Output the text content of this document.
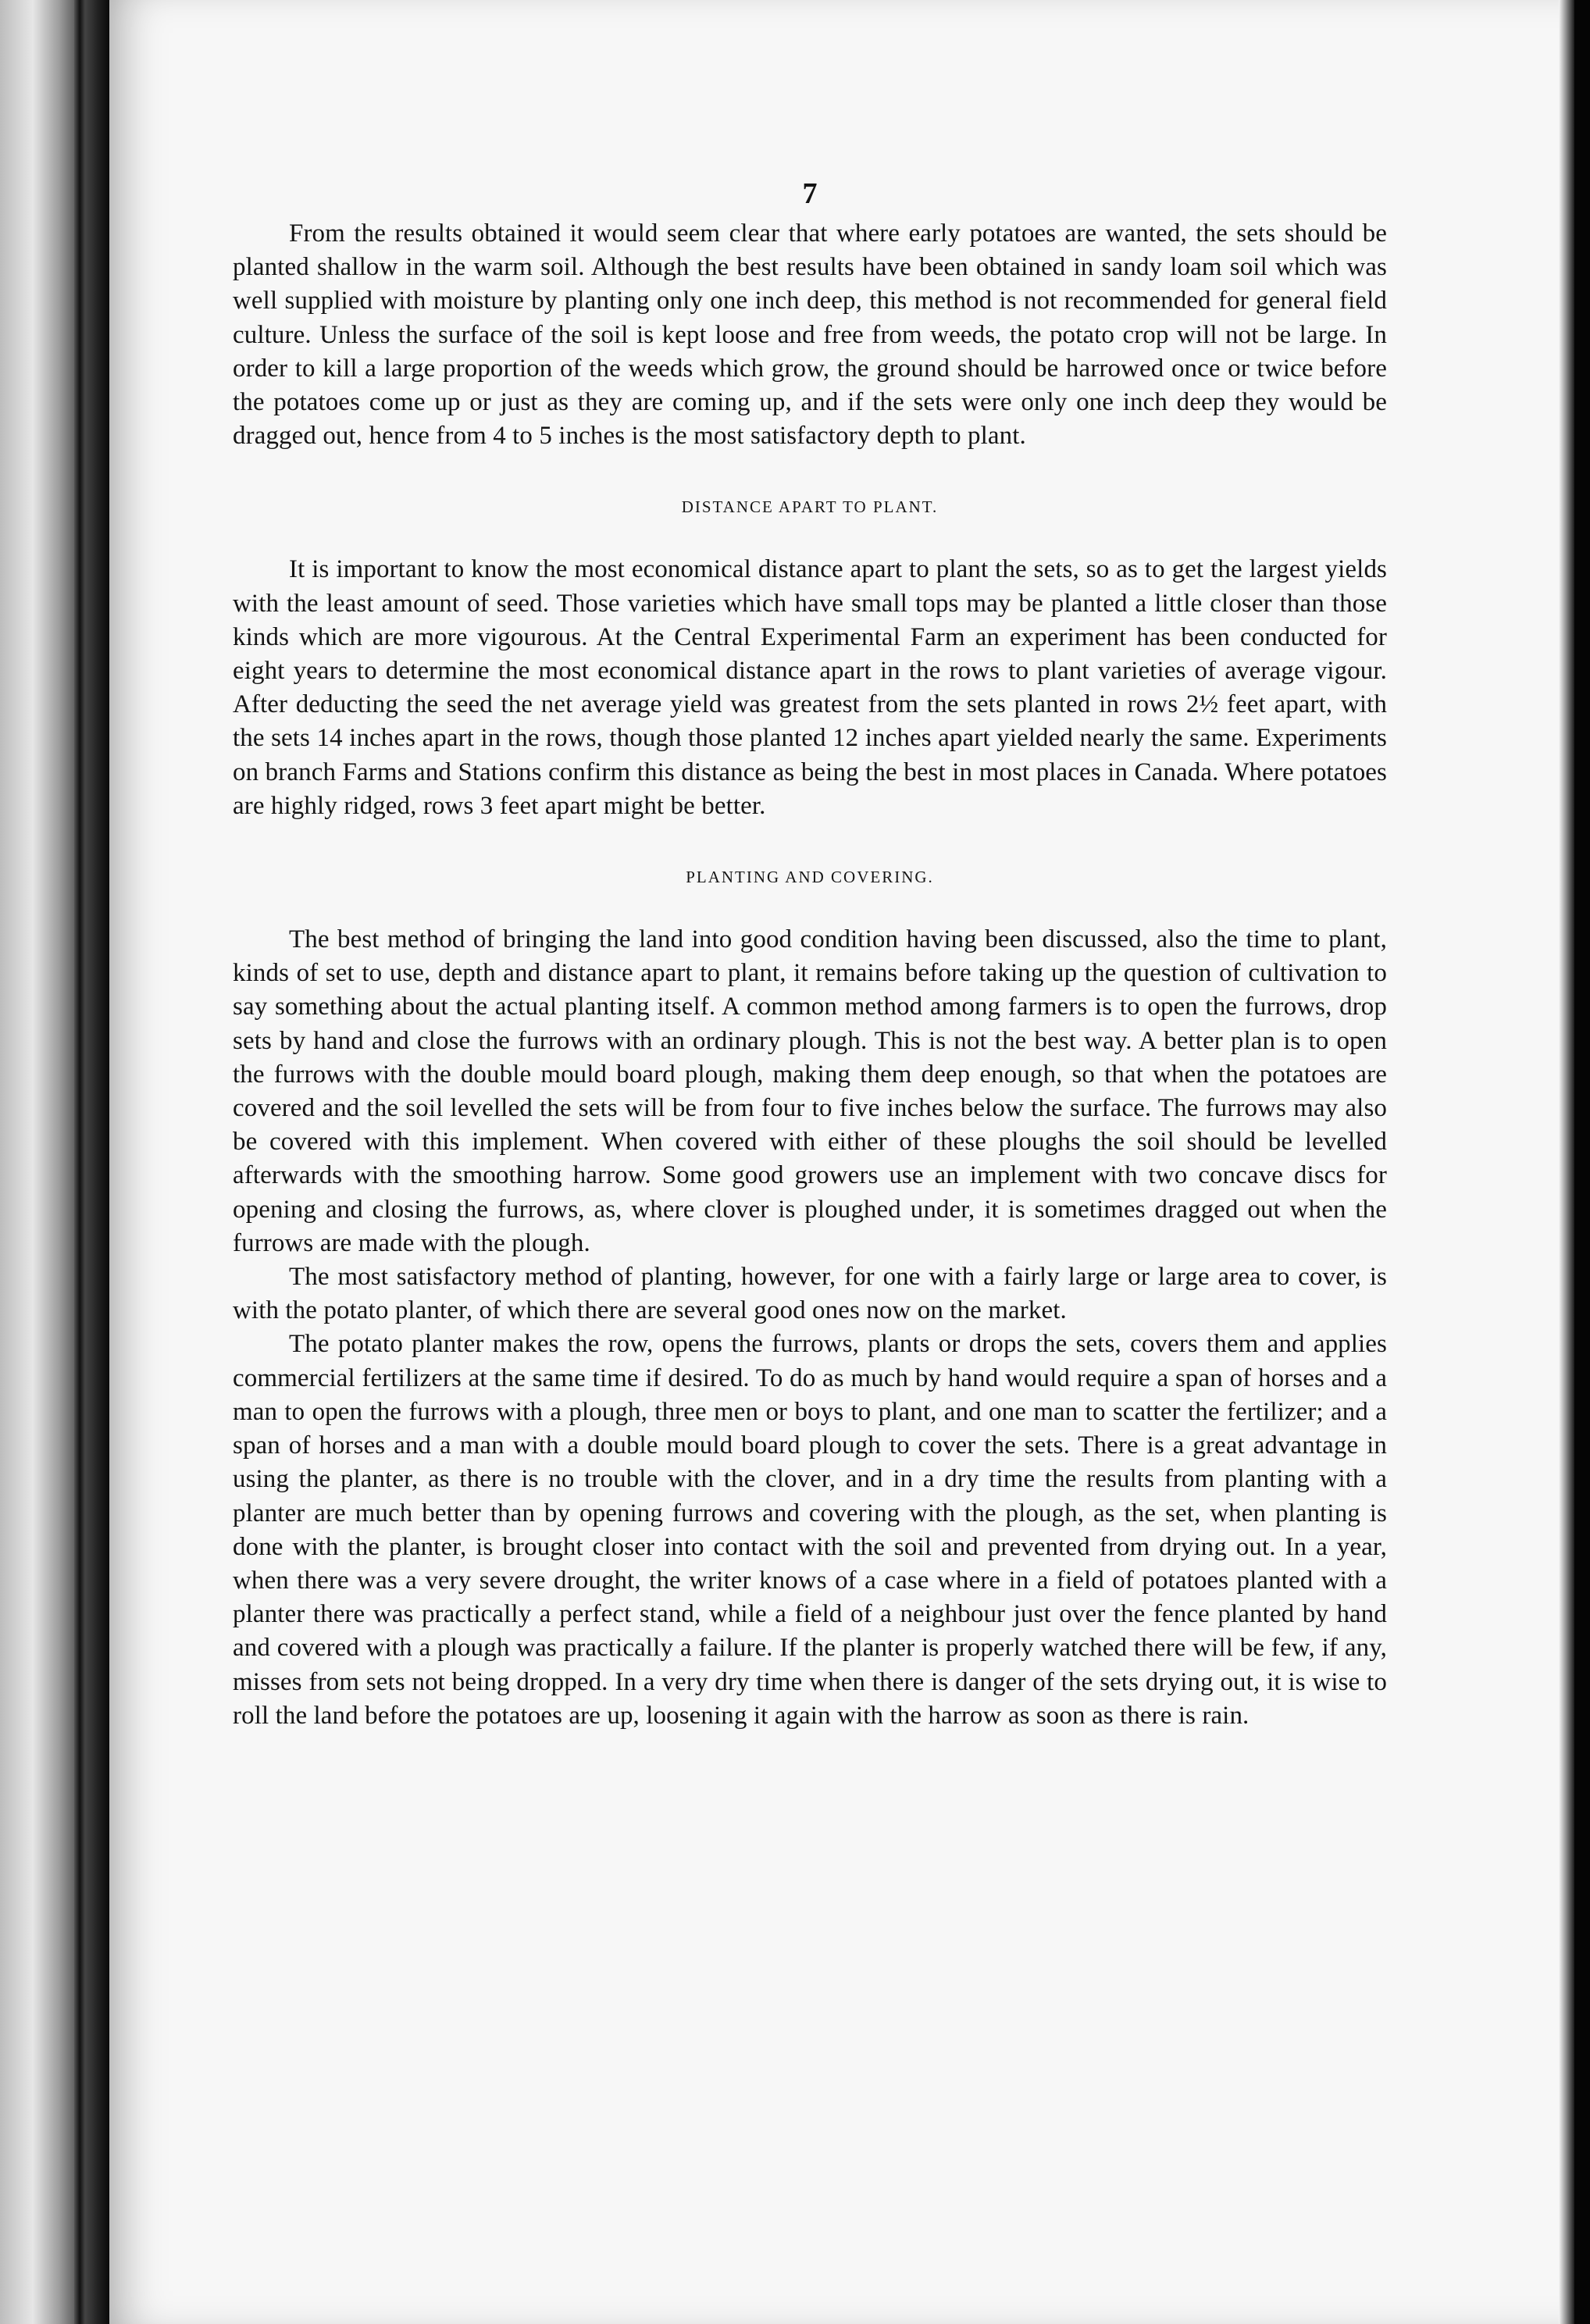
7

From the results obtained it would seem clear that where early potatoes are wanted, the sets should be planted shallow in the warm soil. Although the best results have been obtained in sandy loam soil which was well supplied with moisture by planting only one inch deep, this method is not recommended for general field culture. Unless the surface of the soil is kept loose and free from weeds, the potato crop will not be large. In order to kill a large proportion of the weeds which grow, the ground should be harrowed once or twice before the potatoes come up or just as they are coming up, and if the sets were only one inch deep they would be dragged out, hence from 4 to 5 inches is the most satisfactory depth to plant.

DISTANCE APART TO PLANT.

It is important to know the most economical distance apart to plant the sets, so as to get the largest yields with the least amount of seed. Those varieties which have small tops may be planted a little closer than those kinds which are more vigourous. At the Central Experimental Farm an experiment has been conducted for eight years to determine the most economical distance apart in the rows to plant varieties of average vigour. After deducting the seed the net average yield was greatest from the sets planted in rows 2½ feet apart, with the sets 14 inches apart in the rows, though those planted 12 inches apart yielded nearly the same. Experiments on branch Farms and Stations confirm this distance as being the best in most places in Canada. Where potatoes are highly ridged, rows 3 feet apart might be better.

PLANTING AND COVERING.

The best method of bringing the land into good condition having been discussed, also the time to plant, kinds of set to use, depth and distance apart to plant, it remains before taking up the question of cultivation to say something about the actual planting itself. A common method among farmers is to open the furrows, drop sets by hand and close the furrows with an ordinary plough. This is not the best way. A better plan is to open the furrows with the double mould board plough, making them deep enough, so that when the potatoes are covered and the soil levelled the sets will be from four to five inches below the surface. The furrows may also be covered with this implement. When covered with either of these ploughs the soil should be levelled afterwards with the smoothing harrow. Some good growers use an implement with two concave discs for opening and closing the furrows, as, where clover is ploughed under, it is sometimes dragged out when the furrows are made with the plough.

The most satisfactory method of planting, however, for one with a fairly large or large area to cover, is with the potato planter, of which there are several good ones now on the market.

The potato planter makes the row, opens the furrows, plants or drops the sets, covers them and applies commercial fertilizers at the same time if desired. To do as much by hand would require a span of horses and a man to open the furrows with a plough, three men or boys to plant, and one man to scatter the fertilizer; and a span of horses and a man with a double mould board plough to cover the sets. There is a great advantage in using the planter, as there is no trouble with the clover, and in a dry time the results from planting with a planter are much better than by opening furrows and covering with the plough, as the set, when planting is done with the planter, is brought closer into contact with the soil and prevented from drying out. In a year, when there was a very severe drought, the writer knows of a case where in a field of potatoes planted with a planter there was practically a perfect stand, while a field of a neighbour just over the fence planted by hand and covered with a plough was practically a failure. If the planter is properly watched there will be few, if any, misses from sets not being dropped. In a very dry time when there is danger of the sets drying out, it is wise to roll the land before the potatoes are up, loosening it again with the harrow as soon as there is rain.
